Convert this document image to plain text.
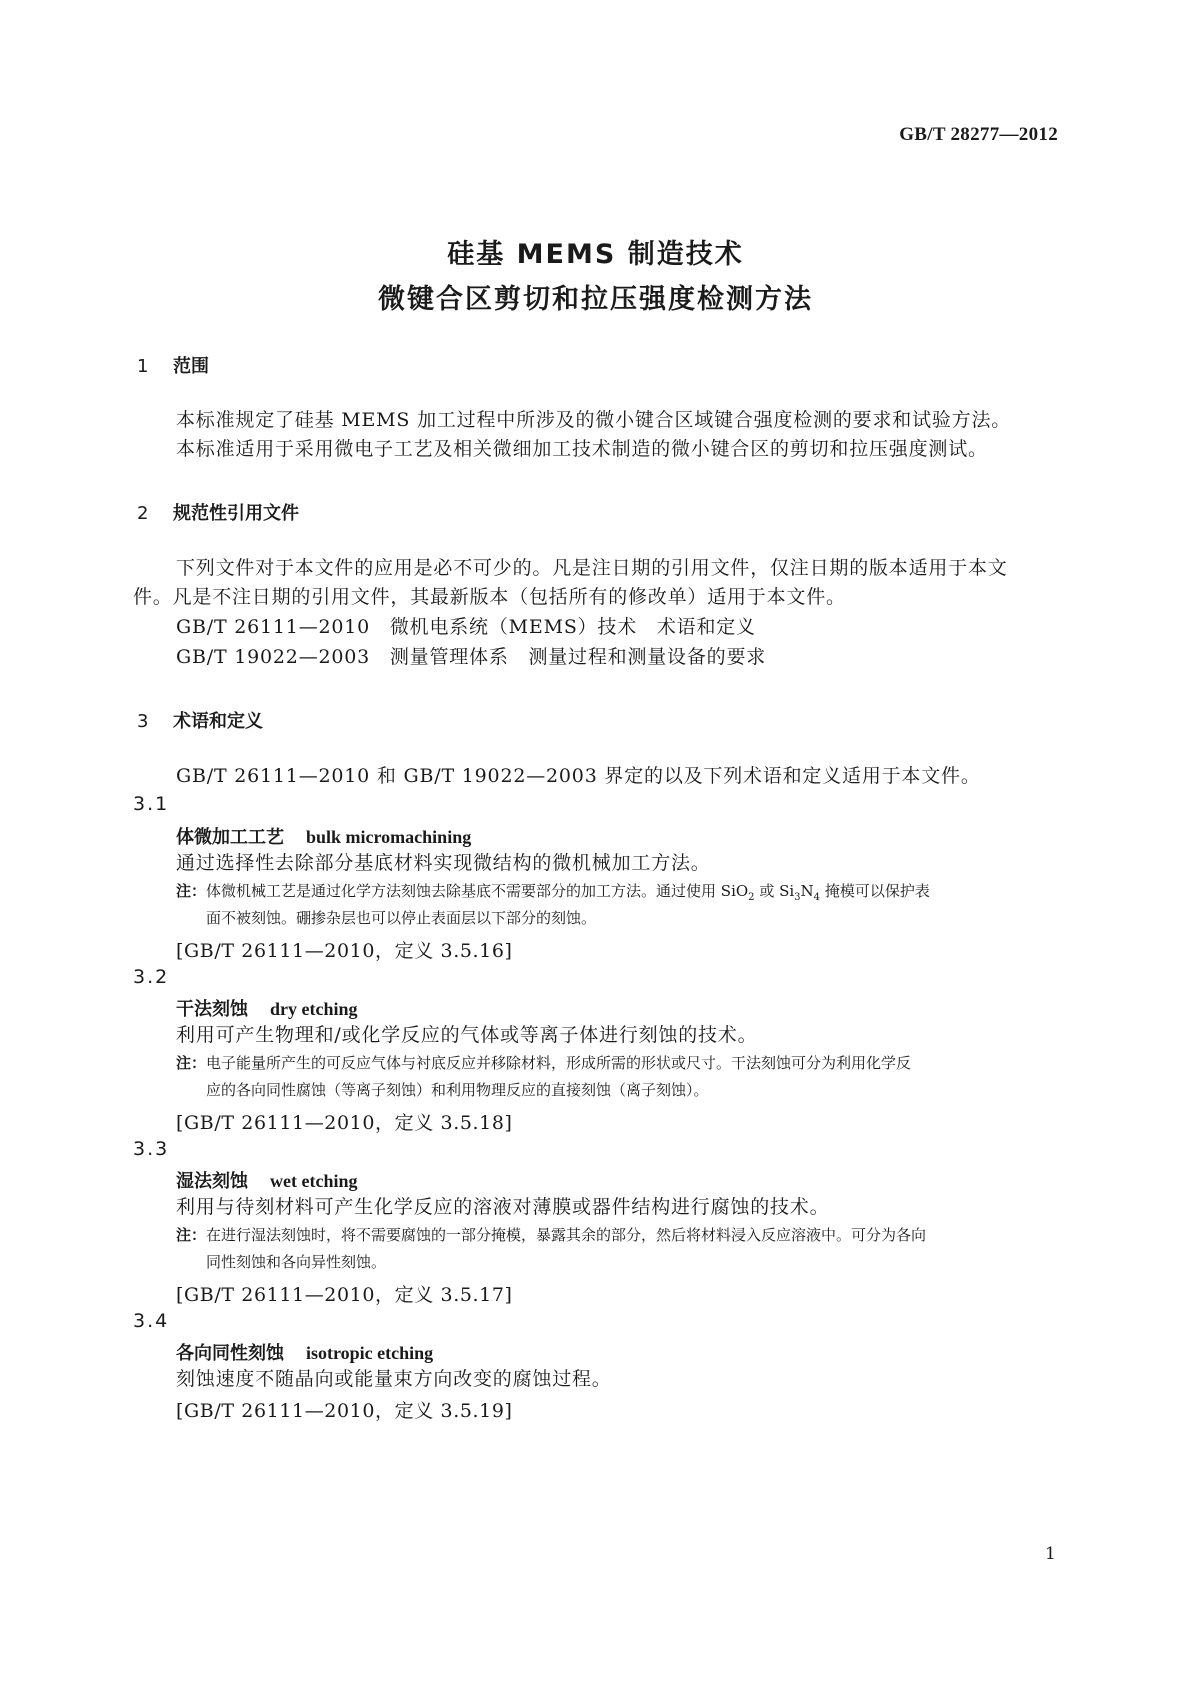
GB/T 28277—2012
硅基 MEMS 制造技术
微键合区剪切和拉压强度检测方法
1 范围
本标准规定了硅基 MEMS 加工过程中所涉及的微小键合区域键合强度检测的要求和试验方法。
本标准适用于采用微电子工艺及相关微细加工技术制造的微小键合区的剪切和拉压强度测试。
2 规范性引用文件
下列文件对于本文件的应用是必不可少的。凡是注日期的引用文件，仅注日期的版本适用于本文
件。凡是不注日期的引用文件，其最新版本（包括所有的修改单）适用于本文件。
GB/T 26111—2010　微机电系统（MEMS）技术　术语和定义
GB/T 19022—2003　测量管理体系　测量过程和测量设备的要求
3 术语和定义
GB/T 26111—2010 和 GB/T 19022—2003 界定的以及下列术语和定义适用于本文件。
3.1
体微加工工艺 bulk micromachining
通过选择性去除部分基底材料实现微结构的微机械加工方法。
注：体微机械工艺是通过化学方法刻蚀去除基底不需要部分的加工方法。通过使用 SiO$_2$ 或 $Si_3N_4$ 掩模可以保护表
面不被刻蚀。硼掺杂层也可以停止表面层以下部分的刻蚀。
[GB/T 26111—2010，定义 3.5.16]
3.2
干法刻蚀 dry etching
利用可产生物理和/或化学反应的气体或等离子体进行刻蚀的技术。
注：电子能量所产生的可反应气体与衬底反应并移除材料，形成所需的形状或尺寸。干法刻蚀可分为利用化学反
应的各向同性腐蚀（等离子刻蚀）和利用物理反应的直接刻蚀（离子刻蚀）。
[GB/T 26111—2010，定义 3.5.18]
3.3
湿法刻蚀 wet etching
利用与待刻材料可产生化学反应的溶液对薄膜或器件结构进行腐蚀的技术。
注：在进行湿法刻蚀时，将不需要腐蚀的一部分掩模，暴露其余的部分，然后将材料浸入反应溶液中。可分为各向
同性刻蚀和各向异性刻蚀。
[GB/T 26111—2010，定义 3.5.17]
3.4
各向同性刻蚀 isotropic etching
刻蚀速度不随晶向或能量束方向改变的腐蚀过程。
[GB/T 26111—2010，定义 3.5.19]
1
